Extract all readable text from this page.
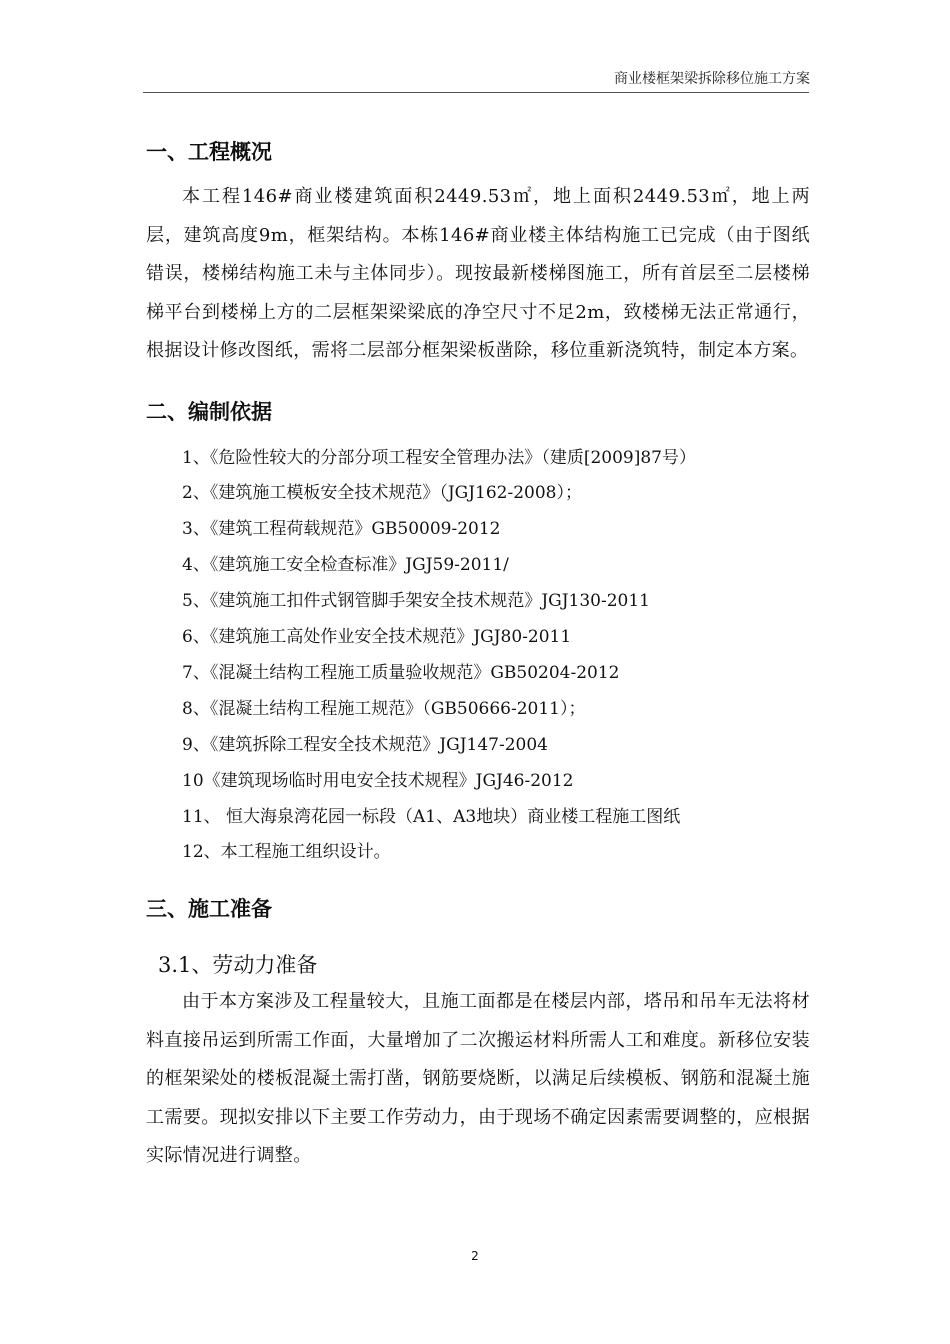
商业楼框架梁拆除移位施工方案
一、工程概况

本工程146#商业楼建筑面积2449.53㎡，地上面积2449.53㎡，地上两层，建筑高度9m，框架结构。本栋146#商业楼主体结构施工已完成（由于图纸错误，楼梯结构施工未与主体同步）。现按最新楼梯图施工，所有首层至二层楼梯梯平台到楼梯上方的二层框架梁梁底的净空尺寸不足2m，致楼梯无法正常通行，根据设计修改图纸，需将二层部分框架梁板凿除，移位重新浇筑特，制定本方案。

二、编制依据
1、《危险性较大的分部分项工程安全管理办法》（建质[2009]87号）
2、《建筑施工模板安全技术规范》（JGJ162-2008）；
3、《建筑工程荷载规范》GB50009-2012
4、《建筑施工安全检查标准》JGJ59-2011/
5、《建筑施工扣件式钢管脚手架安全技术规范》JGJ130-2011
6、《建筑施工高处作业安全技术规范》JGJ80-2011
7、《混凝土结构工程施工质量验收规范》GB50204-2012
8、《混凝土结构工程施工规范》（GB50666-2011）；
9、《建筑拆除工程安全技术规范》JGJ147-2004
10《建筑现场临时用电安全技术规程》JGJ46-2012
11、 恒大海泉湾花园一标段（A1、A3地块）商业楼工程施工图纸
12、本工程施工组织设计。
三、施工准备
3.1、劳动力准备

由于本方案涉及工程量较大，且施工面都是在楼层内部，塔吊和吊车无法将材料直接吊运到所需工作面，大量增加了二次搬运材料所需人工和难度。新移位安装的框架梁处的楼板混凝土需打凿，钢筋要烧断，以满足后续模板、钢筋和混凝土施工需要。现拟安排以下主要工作劳动力，由于现场不确定因素需要调整的，应根据实际情况进行调整。

2
